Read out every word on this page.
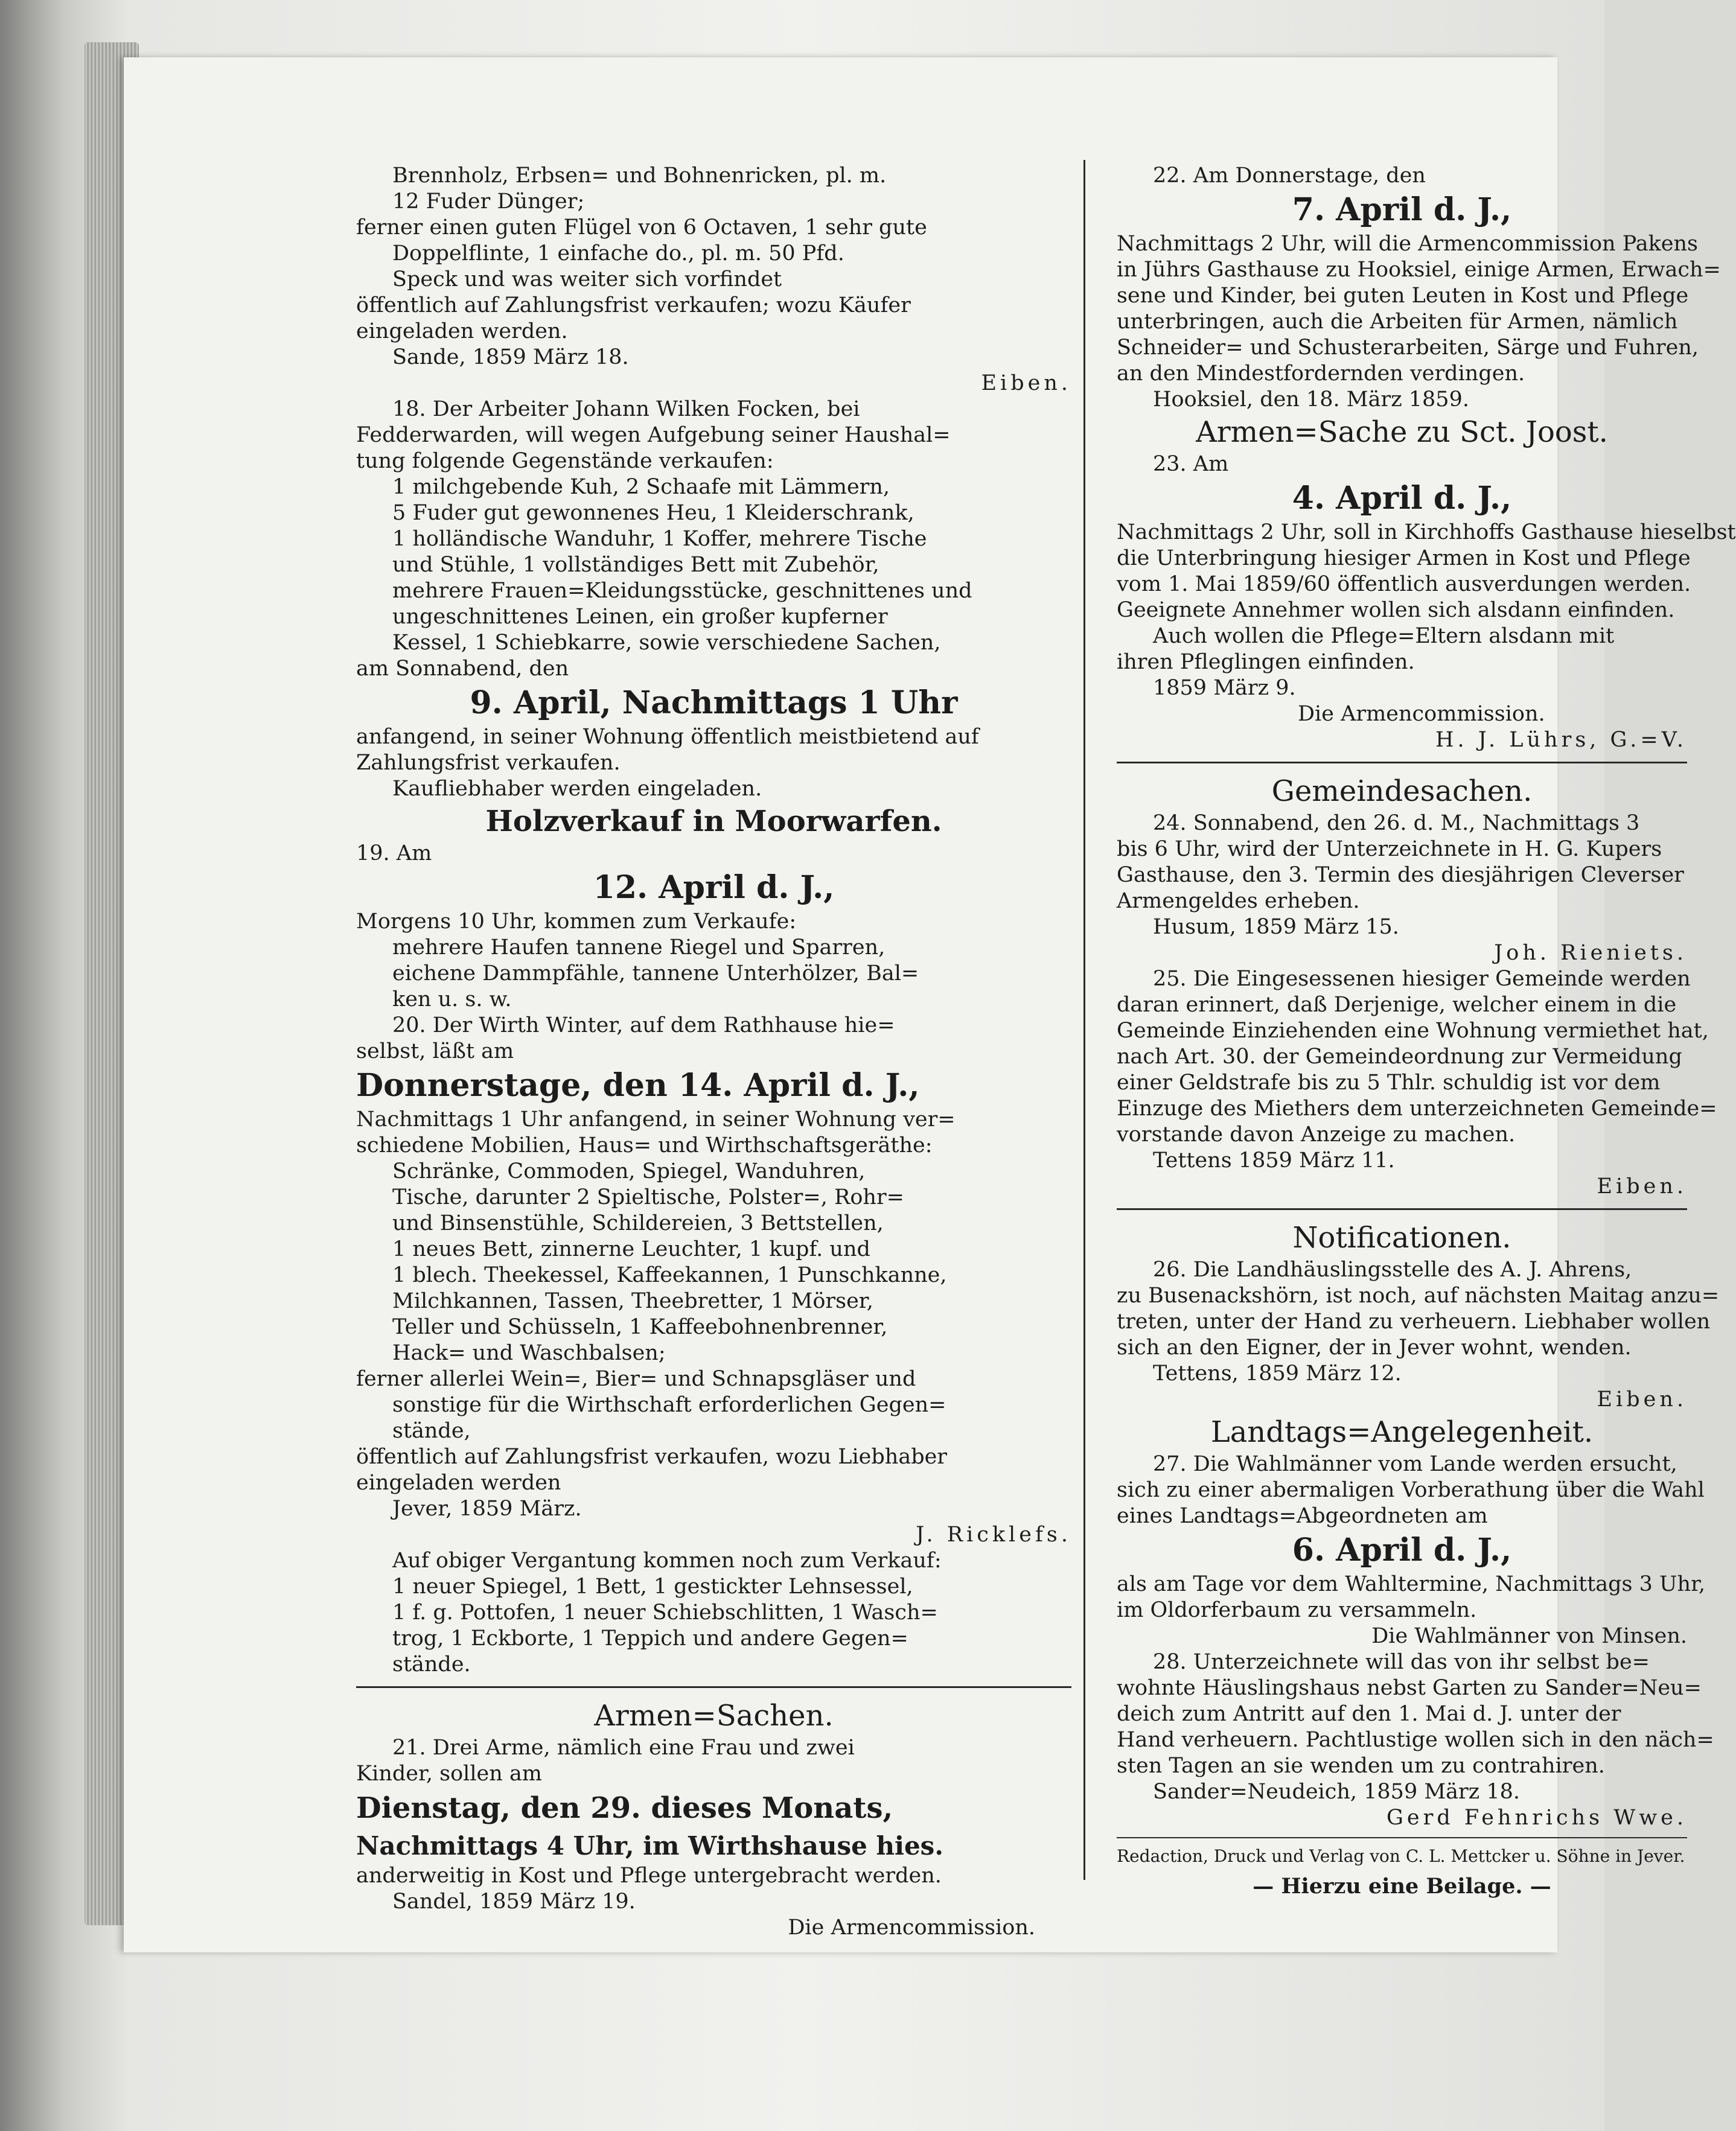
Brennholz, Erbsen= und Bohnenricken, pl. m.
12 Fuder Dünger;
ferner einen guten Flügel von 6 Octaven, 1 sehr gute
Doppelflinte, 1 einfache do., pl. m. 50 Pfd.
Speck und was weiter sich vorfindet
öffentlich auf Zahlungsfrist verkaufen; wozu Käufer
eingeladen werden.
Sande, 1859 März 18.
Eiben.
18. Der Arbeiter Johann Wilken Focken, bei
Fedderwarden, will wegen Aufgebung seiner Haushal=
tung folgende Gegenstände verkaufen:
1 milchgebende Kuh, 2 Schaafe mit Lämmern,
5 Fuder gut gewonnenes Heu, 1 Kleiderschrank,
1 holländische Wanduhr, 1 Koffer, mehrere Tische
und Stühle, 1 vollständiges Bett mit Zubehör,
mehrere Frauen=Kleidungsstücke, geschnittenes und
ungeschnittenes Leinen, ein großer kupferner
Kessel, 1 Schiebkarre, sowie verschiedene Sachen,
am Sonnabend, den
9. April, Nachmittags 1 Uhr
anfangend, in seiner Wohnung öffentlich meistbietend auf
Zahlungsfrist verkaufen.
Kaufliebhaber werden eingeladen.
Holzverkauf in Moorwarfen.
19. Am
12. April d. J.,
Morgens 10 Uhr, kommen zum Verkaufe:
mehrere Haufen tannene Riegel und Sparren,
eichene Dammpfähle, tannene Unterhölzer, Bal=
ken u. s. w.
20. Der Wirth Winter, auf dem Rathhause hie=
selbst, läßt am
Donnerstage, den 14. April d. J.,
Nachmittags 1 Uhr anfangend, in seiner Wohnung ver=
schiedene Mobilien, Haus= und Wirthschaftsgeräthe:
Schränke, Commoden, Spiegel, Wanduhren,
Tische, darunter 2 Spieltische, Polster=, Rohr=
und Binsenstühle, Schildereien, 3 Bettstellen,
1 neues Bett, zinnerne Leuchter, 1 kupf. und
1 blech. Theekessel, Kaffeekannen, 1 Punschkanne,
Milchkannen, Tassen, Theebretter, 1 Mörser,
Teller und Schüsseln, 1 Kaffeebohnenbrenner,
Hack= und Waschbalsen;
ferner allerlei Wein=, Bier= und Schnapsgläser und
sonstige für die Wirthschaft erforderlichen Gegen=
stände,
öffentlich auf Zahlungsfrist verkaufen, wozu Liebhaber
eingeladen werden
Jever, 1859 März.
J. Ricklefs.
Auf obiger Vergantung kommen noch zum Verkauf:
1 neuer Spiegel, 1 Bett, 1 gestickter Lehnsessel,
1 f. g. Pottofen, 1 neuer Schiebschlitten, 1 Wasch=
trog, 1 Eckborte, 1 Teppich und andere Gegen=
stände.
Armen=Sachen.
21. Drei Arme, nämlich eine Frau und zwei
Kinder, sollen am
Dienstag, den 29. dieses Monats,
Nachmittags 4 Uhr, im Wirthshause hies.
anderweitig in Kost und Pflege untergebracht werden.
Sandel, 1859 März 19.
Die Armencommission.
22. Am Donnerstage, den
7. April d. J.,
Nachmittags 2 Uhr, will die Armencommission Pakens
in Jührs Gasthause zu Hooksiel, einige Armen, Erwach=
sene und Kinder, bei guten Leuten in Kost und Pflege
unterbringen, auch die Arbeiten für Armen, nämlich
Schneider= und Schusterarbeiten, Särge und Fuhren,
an den Mindestfordernden verdingen.
Hooksiel, den 18. März 1859.
Armen=Sache zu Sct. Joost.
23. Am
4. April d. J.,
Nachmittags 2 Uhr, soll in Kirchhoffs Gasthause hieselbst
die Unterbringung hiesiger Armen in Kost und Pflege
vom 1. Mai 1859/60 öffentlich ausverdungen werden.
Geeignete Annehmer wollen sich alsdann einfinden.
Auch wollen die Pflege=Eltern alsdann mit
ihren Pfleglingen einfinden.
1859 März 9.
Die Armencommission.
H. J. Lührs, G.=V.
Gemeindesachen.
24. Sonnabend, den 26. d. M., Nachmittags 3
bis 6 Uhr, wird der Unterzeichnete in H. G. Kupers
Gasthause, den 3. Termin des diesjährigen Cleverser
Armengeldes erheben.
Husum, 1859 März 15.
Joh. Rieniets.
25. Die Eingesessenen hiesiger Gemeinde werden
daran erinnert, daß Derjenige, welcher einem in die
Gemeinde Einziehenden eine Wohnung vermiethet hat,
nach Art. 30. der Gemeindeordnung zur Vermeidung
einer Geldstrafe bis zu 5 Thlr. schuldig ist vor dem
Einzuge des Miethers dem unterzeichneten Gemeinde=
vorstande davon Anzeige zu machen.
Tettens 1859 März 11.
Eiben.
Notificationen.
26. Die Landhäuslingsstelle des A. J. Ahrens,
zu Busenackshörn, ist noch, auf nächsten Maitag anzu=
treten, unter der Hand zu verheuern. Liebhaber wollen
sich an den Eigner, der in Jever wohnt, wenden.
Tettens, 1859 März 12.
Eiben.
Landtags=Angelegenheit.
27. Die Wahlmänner vom Lande werden ersucht,
sich zu einer abermaligen Vorberathung über die Wahl
eines Landtags=Abgeordneten am
6. April d. J.,
als am Tage vor dem Wahltermine, Nachmittags 3 Uhr,
im Oldorferbaum zu versammeln.
Die Wahlmänner von Minsen.
28. Unterzeichnete will das von ihr selbst be=
wohnte Häuslingshaus nebst Garten zu Sander=Neu=
deich zum Antritt auf den 1. Mai d. J. unter der
Hand verheuern. Pachtlustige wollen sich in den näch=
sten Tagen an sie wenden um zu contrahiren.
Sander=Neudeich, 1859 März 18.
Gerd Fehnrichs Wwe.
Redaction, Druck und Verlag von C. L. Mettcker u. Söhne in Jever.
— Hierzu eine Beilage. —
